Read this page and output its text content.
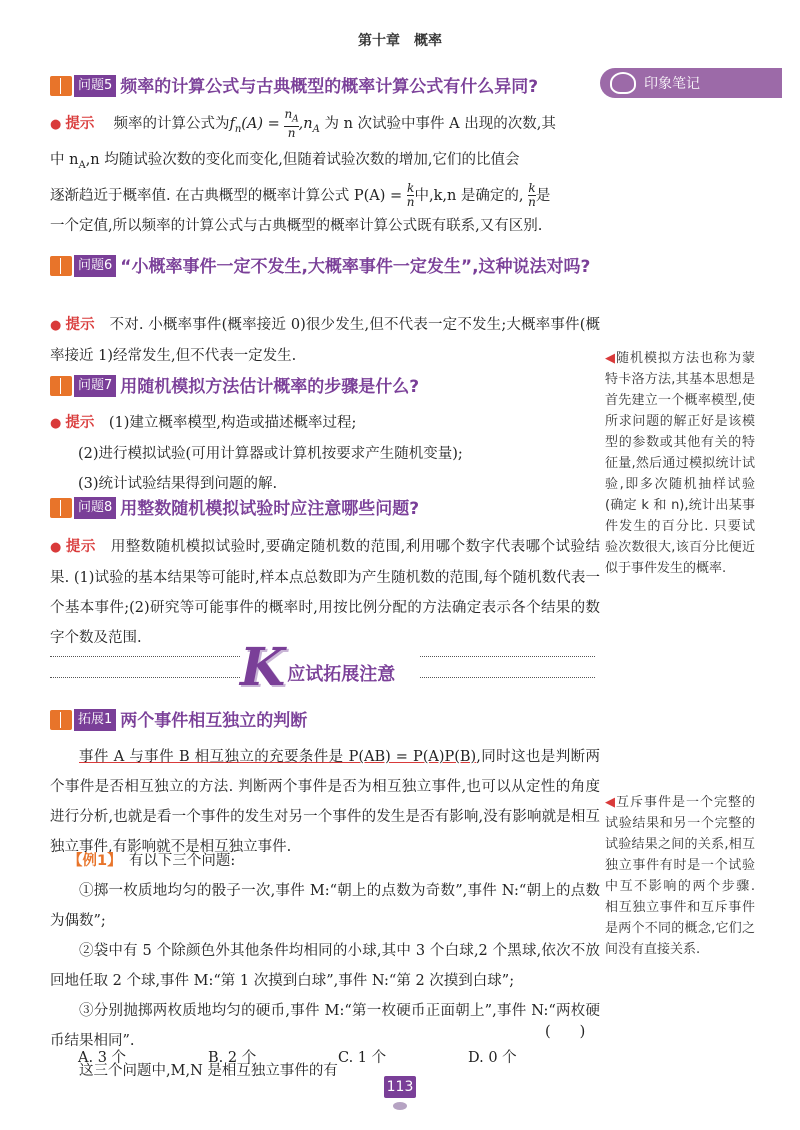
第十章　概率
印象笔记
问题5 频率的计算公式与古典概型的概率计算公式有什么异同?
● 提示　 频率的计算公式为$f_n(A) = \frac{n_A}{n} ,n_A$ 为 n 次试验中事件 A 出现的次数,其
中 $n_A,n$ 均随试验次数的变化而变化,但随着试验次数的增加,它们的比值会
逐渐趋近于概率值. 在古典概型的概率计算公式 $P(A) = \frac{k}{n}$ 中,k,n 是确定的, $\frac{k}{n}$ 是
一个定值,所以频率的计算公式与古典概型的概率计算公式既有联系,又有区别.
问题6 “小概率事件一定不发生,大概率事件一定发生”,这种说法对吗?
● 提示　 不对. 小概率事件(概率接近 0)很少发生,但不代表一定不发生;大概率事件(概率接近 1)经常发生,但不代表一定发生.
问题7 用随机模拟方法估计概率的步骤是什么?
● 提示　 (1)建立概率模型,构造或描述概率过程;
(2)进行模拟试验(可用计算器或计算机按要求产生随机变量);
(3)统计试验结果得到问题的解.
◀随机模拟方法也称为蒙特卡洛方法,其基本思想是首先建立一个概率模型,使所求问题的解正好是该模型的参数或其他有关的特征量,然后通过模拟统计试验,即多次随机抽样试验(确定 k 和 n),统计出某事件发生的百分比. 只要试验次数很大,该百分比便近似于事件发生的概率.
问题8 用整数随机模拟试验时应注意哪些问题?
● 提示　 用整数随机模拟试验时,要确定随机数的范围,利用哪个数字代表哪个试验结果. (1)试验的基本结果等可能时,样本点总数即为产生随机数的范围,每个随机数代表一个基本事件;(2)研究等可能事件的概率时,用按比例分配的方法确定表示各个结果的数字个数及范围.	K 应试拓展注意
拓展1 两个事件相互独立的判断
事件 A 与事件 B 相互独立的充要条件是 P(AB) = P(A)P(B),同时这也是判断两个事件是否相互独立的方法. 判断两个事件是否为相互独立事件,也可以从定性的角度进行分析,也就是看一个事件的发生对另一个事件的发生是否有影响,没有影响就是相互独立事件,有影响就不是相互独立事件.
◀互斥事件是一个完整的试验结果和另一个完整的试验结果之间的关系,相互独立事件有时是一个试验中互不影响的两个步骤. 相互独立事件和互斥事件是两个不同的概念,它们之间没有直接关系.
【例1】　 有以下三个问题:
①掷一枚质地均匀的骰子一次,事件 M:“朝上的点数为奇数”,事件 N:“朝上的点数为偶数”;
②袋中有 5 个除颜色外其他条件均相同的小球,其中 3 个白球,2 个黑球,依次不放回地任取 2 个球,事件 M:“第 1 次摸到白球”,事件 N:“第 2 次摸到白球”;
③分别抛掷两枚质地均匀的硬币,事件 M:“第一枚硬币正面朝上”,事件 N:“两枚硬币结果相同”.
这三个问题中,M,N 是相互独立事件的有
(　　)
A. 3 个	B. 2 个	C. 1 个	D. 0 个
113
